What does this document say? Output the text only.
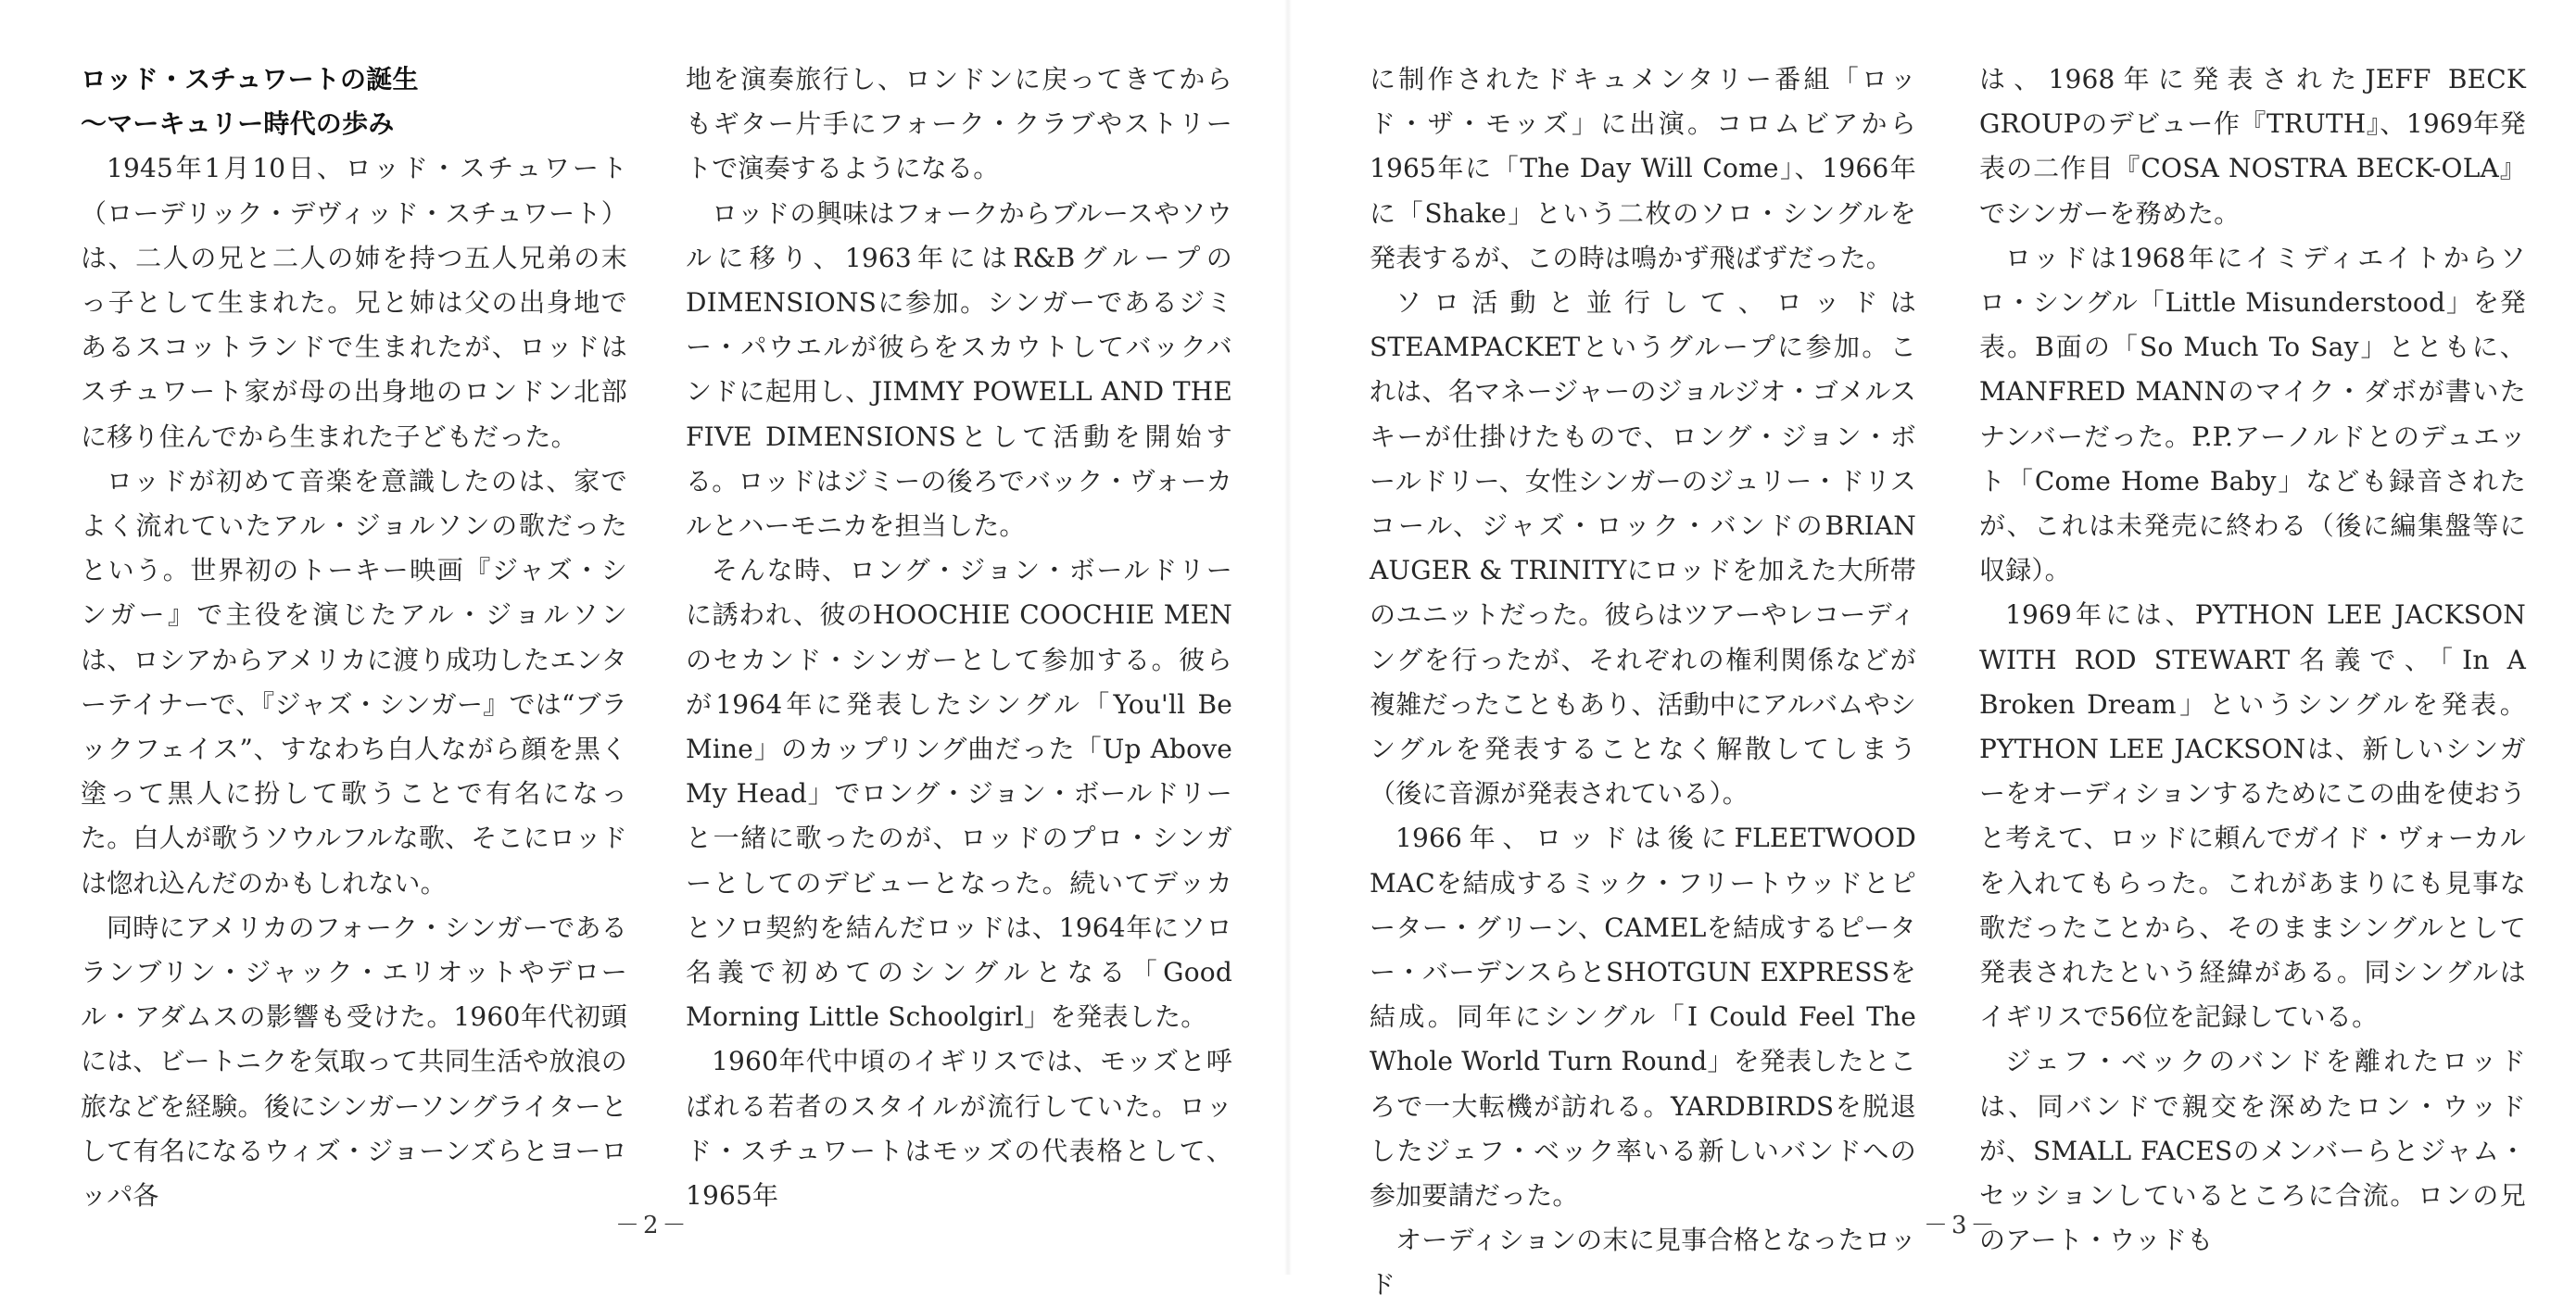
ロッド・スチュワートの誕生

～マーキュリー時代の歩み

1945年1月10日、ロッド・スチュワート（ローデリック・デヴィッド・スチュワート）は、二人の兄と二人の姉を持つ五人兄弟の末っ子として生まれた。兄と姉は父の出身地であるスコットランドで生まれたが、ロッドはスチュワート家が母の出身地のロンドン北部に移り住んでから生まれた子どもだった。

ロッドが初めて音楽を意識したのは、家でよく流れていたアル・ジョルソンの歌だったという。世界初のトーキー映画『ジャズ・シンガー』で主役を演じたアル・ジョルソンは、ロシアからアメリカに渡り成功したエンターテイナーで、『ジャズ・シンガー』では“ブラックフェイス”、すなわち白人ながら顔を黒く塗って黒人に扮して歌うことで有名になった。白人が歌うソウルフルな歌、そこにロッドは惚れ込んだのかもしれない。

同時にアメリカのフォーク・シンガーであるランブリン・ジャック・エリオットやデロール・アダムスの影響も受けた。1960年代初頭には、ビートニクを気取って共同生活や放浪の旅などを経験。後にシンガーソングライターとして有名になるウィズ・ジョーンズらとヨーロッパ各

地を演奏旅行し、ロンドンに戻ってきてからもギター片手にフォーク・クラブやストリートで演奏するようになる。

ロッドの興味はフォークからブルースやソウルに移り、1963年にはR&BグループのDIMENSIONSに参加。シンガーであるジミー・パウエルが彼らをスカウトしてバックバンドに起用し、JIMMY POWELL AND THE FIVE DIMENSIONSとして活動を開始する。ロッドはジミーの後ろでバック・ヴォーカルとハーモニカを担当した。

そんな時、ロング・ジョン・ボールドリーに誘われ、彼のHOOCHIE COOCHIE MENのセカンド・シンガーとして参加する。彼らが1964年に発表したシングル「You'll Be Mine」のカップリング曲だった「Up Above My Head」でロング・ジョン・ボールドリーと一緒に歌ったのが、ロッドのプロ・シンガーとしてのデビューとなった。続いてデッカとソロ契約を結んだロッドは、1964年にソロ名義で初めてのシングルとなる「Good Morning Little Schoolgirl」を発表した。

1960年代中頃のイギリスでは、モッズと呼ばれる若者のスタイルが流行していた。ロッド・スチュワートはモッズの代表格として、1965年

－2－

に制作されたドキュメンタリー番組「ロッド・ザ・モッズ」に出演。コロムビアから1965年に「The Day Will Come」、1966年に「Shake」という二枚のソロ・シングルを発表するが、この時は鳴かず飛ばずだった。

ソロ活動と並行して、ロッドはSTEAMPACKETというグループに参加。これは、名マネージャーのジョルジオ・ゴメルスキーが仕掛けたもので、ロング・ジョン・ボールドリー、女性シンガーのジュリー・ドリスコール、ジャズ・ロック・バンドのBRIAN AUGER & TRINITYにロッドを加えた大所帯のユニットだった。彼らはツアーやレコーディングを行ったが、それぞれの権利関係などが複雑だったこともあり、活動中にアルバムやシングルを発表することなく解散してしまう（後に音源が発表されている）。

1966年、ロッドは後にFLEETWOOD MACを結成するミック・フリートウッドとピーター・グリーン、CAMELを結成するピーター・バーデンスらとSHOTGUN EXPRESSを結成。同年にシングル「I Could Feel The Whole World Turn Round」を発表したところで一大転機が訪れる。YARDBIRDSを脱退したジェフ・ベック率いる新しいバンドへの参加要請だった。

オーディションの末に見事合格となったロッド

は、1968年に発表されたJEFF BECK GROUPのデビュー作『TRUTH』、1969年発表の二作目『COSA NOSTRA BECK-OLA』でシンガーを務めた。

ロッドは1968年にイミディエイトからソロ・シングル「Little Misunderstood」を発表。B面の「So Much To Say」とともに、MANFRED MANNのマイク・ダボが書いたナンバーだった。P.P.アーノルドとのデュエット「Come Home Baby」なども録音されたが、これは未発売に終わる（後に編集盤等に収録）。

1969年には、PYTHON LEE JACKSON WITH ROD STEWART名義で、「In A Broken Dream」というシングルを発表。PYTHON LEE JACKSONは、新しいシンガーをオーディションするためにこの曲を使おうと考えて、ロッドに頼んでガイド・ヴォーカルを入れてもらった。これがあまりにも見事な歌だったことから、そのままシングルとして発表されたという経緯がある。同シングルはイギリスで56位を記録している。

ジェフ・ベックのバンドを離れたロッドは、同バンドで親交を深めたロン・ウッドが、SMALL FACESのメンバーらとジャム・セッションしているところに合流。ロンの兄のアート・ウッドも

－3－
